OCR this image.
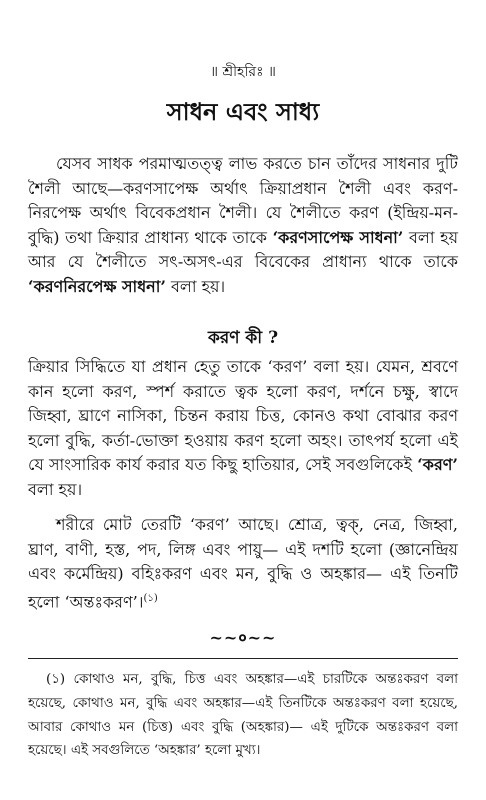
॥ শ্রীহরিঃ ॥
সাধন এবং সাধ্য

যেসব সাধক পরমাত্মতত্ত্ব লাভ করতে চান তাঁদের সাধনার দুটি শৈলী আছে—করণসাপেক্ষ অর্থাৎ ক্রিয়াপ্রধান শৈলী এবং করণ-নিরপেক্ষ অর্থাৎ বিবেকপ্রধান শৈলী। যে শৈলীতে করণ (ইন্দ্রিয়-মন-বুদ্ধি) তথা ক্রিয়ার প্রাধান্য থাকে তাকে ‘করণসাপেক্ষ সাধনা’ বলা হয় আর যে শৈলীতে সৎ-অসৎ-এর বিবেকের প্রাধান্য থাকে তাকে ‘করণনিরপেক্ষ সাধনা’ বলা হয়।

করণ কী ?

ক্রিয়ার সিদ্ধিতে যা প্রধান হেতু তাকে ‘করণ’ বলা হয়। যেমন, শ্রবণে কান হলো করণ, স্পর্শ করাতে ত্বক হলো করণ, দর্শনে চক্ষু, স্বাদে জিহ্বা, ঘ্রাণে নাসিকা, চিন্তন করায় চিত্ত, কোনও কথা বোঝার করণ হলো বুদ্ধি, কর্তা-ভোক্তা হওয়ায় করণ হলো অহং। তাৎপর্য হলো এই যে সাংসারিক কার্য করার যত কিছু হাতিয়ার, সেই সবগুলিকেই ‘করণ’ বলা হয়।

শরীরে মোট তেরটি ‘করণ’ আছে। শ্রোত্র, ত্বক্, নেত্র, জিহ্বা, ঘ্রাণ, বাণী, হস্ত, পদ, লিঙ্গ এবং পায়ু— এই দশটি হলো (জ্ঞানেন্দ্রিয় এবং কর্মেন্দ্রিয়) বহিঃকরণ এবং মন, বুদ্ধি ও অহঙ্কার— এই তিনটি হলো ‘অন্তঃকরণ’।$^{(১)}$

~~०~~

(১) কোথাও মন, বুদ্ধি, চিত্ত এবং অহঙ্কার—এই চারটিকে অন্তঃকরণ বলা হয়েছে, কোথাও মন, বুদ্ধি এবং অহঙ্কার—এই তিনটিকে অন্তঃকরণ বলা হয়েছে, আবার কোথাও মন (চিত্ত) এবং বুদ্ধি (অহঙ্কার)— এই দুটিকে অন্তঃকরণ বলা হয়েছে। এই সবগুলিতে ‘অহঙ্কার’ হলো মুখ্য।
